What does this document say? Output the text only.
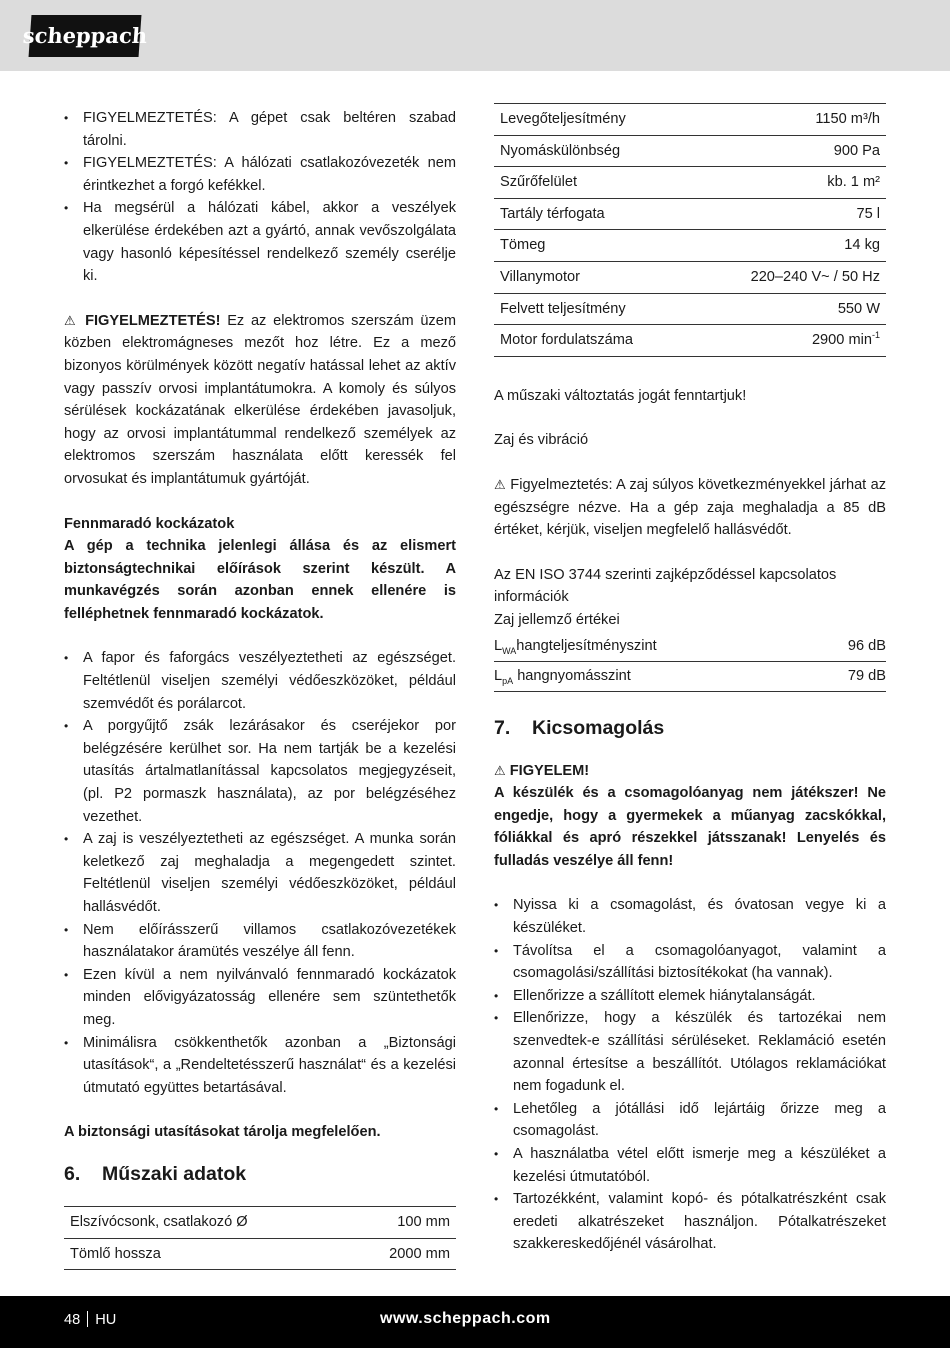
scheppach
• FIGYELMEZTETÉS: A gépet csak beltéren szabad tárolni.
• FIGYELMEZTETÉS: A hálózati csatlakozóvezeték nem érintkezhet a forgó kefékkel.
• Ha megsérül a hálózati kábel, akkor a veszélyek elkerülése érdekében azt a gyártó, annak vevőszolgálata vagy hasonló képesítéssel rendelkező személy cserélje ki.

⚠ FIGYELMEZTETÉS! Ez az elektromos szerszám üzem közben elektromágneses mezőt hoz létre. Ez a mező bizonyos körülmények között negatív hatással lehet az aktív vagy passzív orvosi implantátumokra. A komoly és súlyos sérülések kockázatának elkerülése érdekében javasoljuk, hogy az orvosi implantátummal rendelkező személyek az elektromos szerszám használata előtt keressék fel orvosukat és implantátumuk gyártóját.

Fennmaradó kockázatok

A gép a technika jelenlegi állása és az elismert biztonságtechnikai előírások szerint készült. A munkavégzés során azonban ennek ellenére is felléphetnek fennmaradó kockázatok.

• A fapor és faforgács veszélyeztetheti az egészséget. Feltétlenül viseljen személyi védőeszközöket, például szemvédőt és porálarcot.
• A porgyűjtő zsák lezárásakor és cseréjekor por belégzésére kerülhet sor. Ha nem tartják be a kezelési utasítás ártalmatlanítással kapcsolatos megjegyzéseit, (pl. P2 pormaszk használata), az por belégzéséhez vezethet.
• A zaj is veszélyeztetheti az egészséget. A munka során keletkező zaj meghaladja a megengedett szintet. Feltétlenül viseljen személyi védőeszközöket, például hallásvédőt.
• Nem előírásszerű villamos csatlakozóvezetékek használatakor áramütés veszélye áll fenn.
• Ezen kívül a nem nyilvánvaló fennmaradó kockázatok minden elővigyázatosság ellenére sem szüntethetők meg.
• Minimálisra csökkenthetők azonban a „Biztonsági utasítások“, a „Rendeltetésszerű használat“ és a kezelési útmutató együttes betartásával.

A biztonsági utasításokat tárolja megfelelően.

6. Műszaki adatok
Elszívócsonk, csatlakozó Ø	100 mm
Tömlő hossza	2000 mm
Levegőteljesítmény	1150 m³/h
Nyomáskülönbség	900 Pa
Szűrőfelület	kb. 1 m²
Tartály térfogata	75 l
Tömeg	14 kg
Villanymotor	220–240 V~ / 50 Hz
Felvett teljesítmény	550 W
Motor fordulatszáma	2900 $\min^{-1}$

A műszaki változtatás jogát fenntartjuk!

Zaj és vibráció

⚠ Figyelmeztetés: A zaj súlyos következményekkel járhat az egészségre nézve. Ha a gép zaja meghaladja a 85 dB értéket, kérjük, viseljen megfelelő hallásvédőt.

Az EN ISO 3744 szerinti zajképződéssel kapcsolatos információk

Zaj jellemző értékei

$L_{WA}hangteljesítményszint$	96 dB
$L_{pA}$ hangnyomásszint	79 dB
7. Kicsomagolás

⚠ FIGYELEM!

A készülék és a csomagolóanyag nem játékszer! Ne engedje, hogy a gyermekek a műanyag zacskókkal, fóliákkal és apró részekkel játsszanak! Lenyelés és fulladás veszélye áll fenn!

• Nyissa ki a csomagolást, és óvatosan vegye ki a készüléket.
• Távolítsa el a csomagolóanyagot, valamint a csomagolási/szállítási biztosítékokat (ha vannak).
• Ellenőrizze a szállított elemek hiánytalanságát.
• Ellenőrizze, hogy a készülék és tartozékai nem szenvedtek-e szállítási sérüléseket. Reklamáció esetén azonnal értesítse a beszállítót. Utólagos reklamációkat nem fogadunk el.
• Lehetőleg a jótállási idő lejártáig őrizze meg a csomagolást.
• A használatba vétel előtt ismerje meg a készüléket a kezelési útmutatóból.
• Tartozékként, valamint kopó- és pótalkatrészként csak eredeti alkatrészeket használjon. Pótalkatrészeket szakkereskedőjénél vásárolhat.
48 HU	www.scheppach.com
